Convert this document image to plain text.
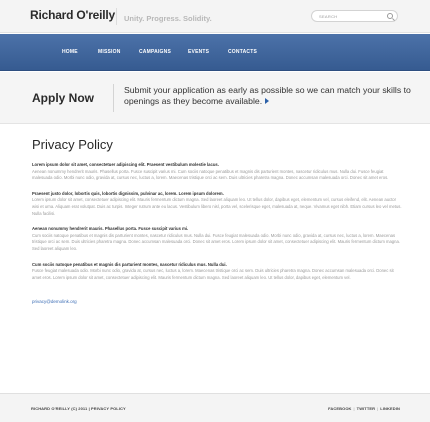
Richard O'reilly	Unity. Progress. Solidity.	SEARCH
HOME	MISSION	CAMPAIGNS	EVENTS	CONTACTS
Apply Now
Submit your application as early as possible so we can match your skills to openings as they become available.
Privacy Policy
Lorem ipsum dolor sit amet, consectetuer adipiscing elit. Praesent vestibulum molestie lacus.
Aenean nonummy hendrerit mauris. Phasellus porta. Fusce suscipit varius mi. Cum sociis natoque penatibus et magnis dis parturient montes, nascetur ridiculus mus. Nulla dui. Fusce feugiat malesuada odio. Morbi nunc odio, gravida at, cursus nec, luctus a, lorem. Maecenas tristique orci ac sem. Duis ultricies pharetra magna. Donec accumsan malesuada orci. Donec sit amet eros.
Praesent justo dolor, lobortis quis, lobortis dignissim, pulvinar ac, lorem. Lorem ipsum dolorem.
Lorem ipsum dolor sit amet, consectetuer adipiscing elit. Mauris fermentum dictum magna. Sed laoreet aliquam leo. Ut tellus dolor, dapibus eget, elementum vel, cursus eleifend, elit. Aenean auctor wisi et urna. Aliquam erat volutpat. Duis ac turpis. Integer rutrum ante eu lacus. Vestibulum libero nisl, porta vel, scelerisque eget, malesuada at, neque. Vivamus eget nibh. Etiam cursus leo vel metus. Nulla facilisi.
Aenean nonummy hendrerit mauris. Phasellus porta. Fusce suscipit varius mi.
Cum sociis natoque penatibus et magnis dis parturient montes, nascetur ridiculus mus. Nulla dui. Fusce feugiat malesuada odio. Morbi nunc odio, gravida at, cursus nec, luctus a, lorem. Maecenas tristique orci ac sem. Duis ultricies pharetra magna. Donec accumsan malesuada orci. Donec sit amet eros. Lorem ipsum dolor sit amet, consectetuer adipiscing elit. Mauris fermentum dictum magna. Sed laoreet aliquam leo.
Cum sociis natoque penatibus et magnis dis parturient montes, nascetur ridiculus mus. Nulla dui.
Fusce feugiat malesuada odio. Morbi nunc odio, gravida at, cursus nec, luctus a, lorem. Maecenas tristique orci ac sem. Duis ultricies pharetra magna. Donec accumsan malesuada orci. Donec sit amet eros. Lorem ipsum dolor sit amet, consectetuer adipiscing elit. Mauris fermentum dictum magna. Sed laoreet aliquam leo. Ut tellus dolor, dapibus eget, elementum vel.
privacy@demolink.org
RICHARD O'REILLY (C) 2011 | PRIVACY POLICY	FACEBOOK | TWITTER | LINKEDIN
